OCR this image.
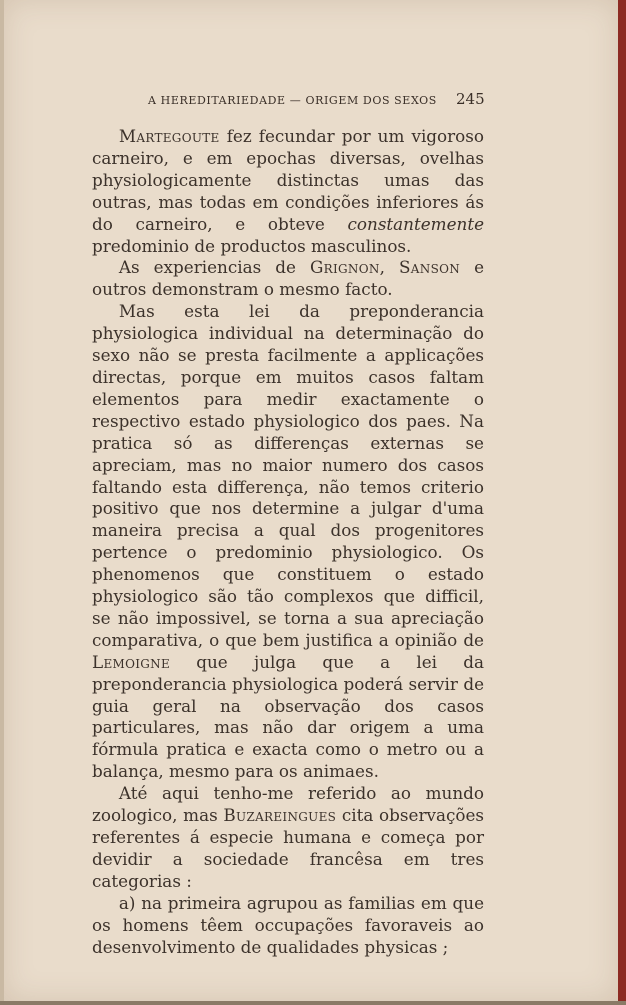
A HEREDITARIEDADE — ORIGEM DOS SEXOS 245

Martegoute fez fecundar por um vigoroso carneiro, e em epochas diversas, ovelhas physiologicamente distinctas umas das outras, mas todas em condições inferiores ás do carneiro, e obteve constantemente predominio de productos masculinos.

As experiencias de Grignon, Sanson e outros demonstram o mesmo facto.

Mas esta lei da preponderancia physiologica individual na determinação do sexo não se presta facilmente a applicações directas, porque em muitos casos faltam elementos para medir exactamente o respectivo estado physiologico dos paes. Na pratica só as differenças externas se apreciam, mas no maior numero dos casos faltando esta differença, não temos criterio positivo que nos determine a julgar d'uma maneira precisa a qual dos progenitores pertence o predominio physiologico. Os phenomenos que constituem o estado physiologico são tão complexos que difficil, se não impossivel, se torna a sua apreciação comparativa, o que bem justifica a opinião de Lemoigne que julga que a lei da preponderancia physiologica poderá servir de guia geral na observação dos casos particulares, mas não dar origem a uma fórmula pratica e exacta como o metro ou a balança, mesmo para os animaes.

Até aqui tenho-me referido ao mundo zoologico, mas Buzareingues cita observações referentes á especie humana e começa por devidir a sociedade francêsa em tres categorias :

a) na primeira agrupou as familias em que os homens têem occupações favoraveis ao desenvolvimento de qualidades physicas ;
